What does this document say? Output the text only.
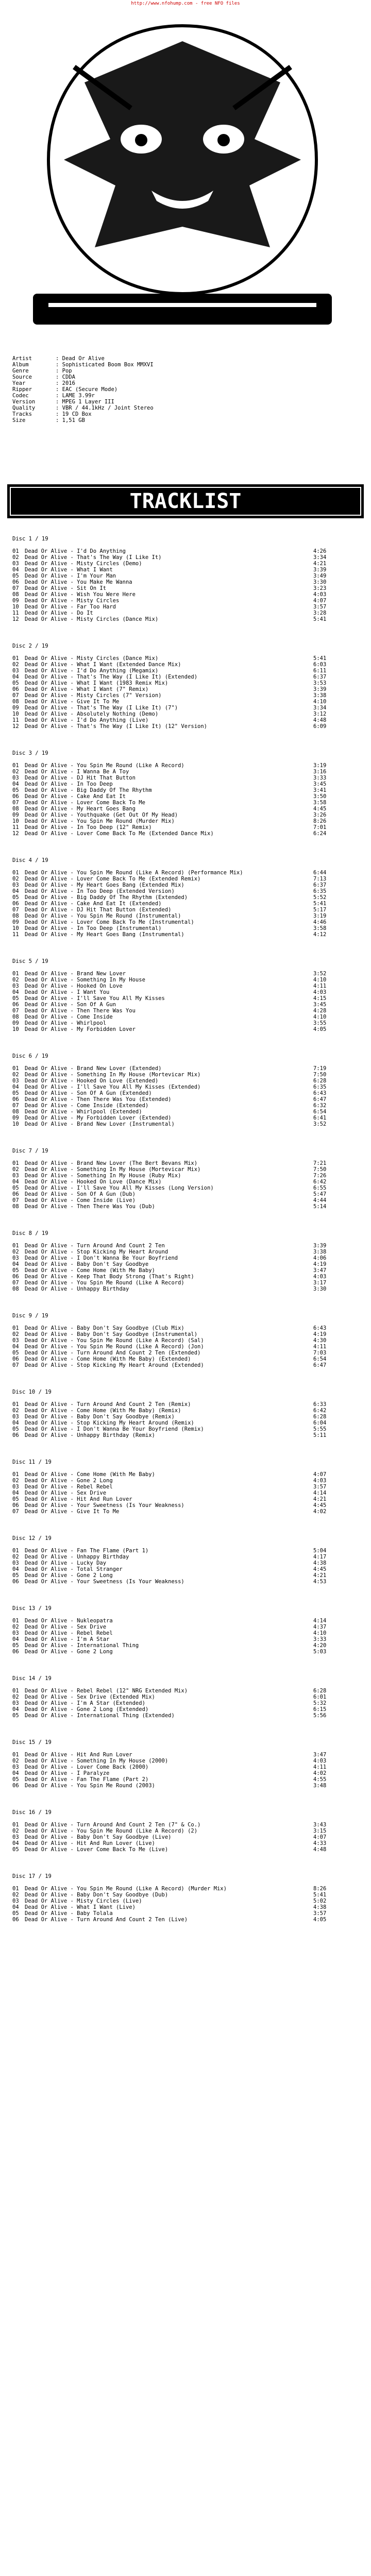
http://www.nfohump.com - free NFO files
Artist	: Dead Or Alive
Album	: Sophisticated Boom Box MMXVI
Genre	: Pop
Source	: CDDA
Year	: 2016
Ripper	: EAC (Secure Mode)
Codec	: LAME 3.99r
Version	: MPEG 1 Layer III
Quality	: VBR / 44.1kHz / Joint Stereo
Tracks	: 19 CD Box
Size	: 1,51 GB
TRACKLIST
Disc 1 / 19
01	Dead Or Alive - I'd Do Anything	4:26
02	Dead Or Alive - That's The Way (I Like It)	3:34
03	Dead Or Alive - Misty Circles (Demo)	4:21
04	Dead Or Alive - What I Want	3:39
05	Dead Or Alive - I'm Your Man	3:49
06	Dead Or Alive - You Make Me Wanna	3:30
07	Dead Or Alive - Sit On It	3:23
08	Dead Or Alive - Wish You Were Here	4:03
09	Dead Or Alive - Misty Circles	4:07
10	Dead Or Alive - Far Too Hard	3:57
11	Dead Or Alive - Do It	3:28
12	Dead Or Alive - Misty Circles (Dance Mix)	5:41
Disc 2 / 19
01	Dead Or Alive - Misty Circles (Dance Mix)	5:41
02	Dead Or Alive - What I Want (Extended Dance Mix)	6:03
03	Dead Or Alive - I'd Do Anything (Megamix)	6:11
04	Dead Or Alive - That's The Way (I Like It) (Extended)	6:37
05	Dead Or Alive - What I Want (1983 Remix Mix)	3:53
06	Dead Or Alive - What I Want (7" Remix)	3:39
07	Dead Or Alive - Misty Circles (7" Version)	3:38
08	Dead Or Alive - Give It To Me	4:10
09	Dead Or Alive - That's The Way (I Like It) (7")	3:34
10	Dead Or Alive - Absolutely Nothing (Demo)	3:12
11	Dead Or Alive - I'd Do Anything (Live)	4:48
12	Dead Or Alive - That's The Way (I Like It) (12" Version)	6:09
Disc 3 / 19
01	Dead Or Alive - You Spin Me Round (Like A Record)	3:19
02	Dead Or Alive - I Wanna Be A Toy	3:16
03	Dead Or Alive - DJ Hit That Button	3:33
04	Dead Or Alive - In Too Deep	3:45
05	Dead Or Alive - Big Daddy Of The Rhythm	3:41
06	Dead Or Alive - Cake And Eat It	3:50
07	Dead Or Alive - Lover Come Back To Me	3:58
08	Dead Or Alive - My Heart Goes Bang	4:45
09	Dead Or Alive - Youthquake (Get Out Of My Head)	3:26
10	Dead Or Alive - You Spin Me Round (Murder Mix)	8:26
11	Dead Or Alive - In Too Deep (12" Remix)	7:01
12	Dead Or Alive - Lover Come Back To Me (Extended Dance Mix)	6:24
Disc 4 / 19
01	Dead Or Alive - You Spin Me Round (Like A Record) (Performance Mix)	6:44
02	Dead Or Alive - Lover Come Back To Me (Extended Remix)	7:13
03	Dead Or Alive - My Heart Goes Bang (Extended Mix)	6:37
04	Dead Or Alive - In Too Deep (Extended Version)	6:35
05	Dead Or Alive - Big Daddy Of The Rhythm (Extended)	5:52
06	Dead Or Alive - Cake And Eat It (Extended)	5:41
07	Dead Or Alive - DJ Hit That Button (Extended)	5:17
08	Dead Or Alive - You Spin Me Round (Instrumental)	3:19
09	Dead Or Alive - Lover Come Back To Me (Instrumental)	4:46
10	Dead Or Alive - In Too Deep (Instrumental)	3:58
11	Dead Or Alive - My Heart Goes Bang (Instrumental)	4:12
Disc 5 / 19
01	Dead Or Alive - Brand New Lover	3:52
02	Dead Or Alive - Something In My House	4:10
03	Dead Or Alive - Hooked On Love	4:11
04	Dead Or Alive - I Want You	4:03
05	Dead Or Alive - I'll Save You All My Kisses	4:15
06	Dead Or Alive - Son Of A Gun	3:45
07	Dead Or Alive - Then There Was You	4:28
08	Dead Or Alive - Come Inside	4:10
09	Dead Or Alive - Whirlpool	3:55
10	Dead Or Alive - My Forbidden Lover	4:05
Disc 6 / 19
01	Dead Or Alive - Brand New Lover (Extended)	7:19
02	Dead Or Alive - Something In My House (Mortevicar Mix)	7:50
03	Dead Or Alive - Hooked On Love (Extended)	6:28
04	Dead Or Alive - I'll Save You All My Kisses (Extended)	6:35
05	Dead Or Alive - Son Of A Gun (Extended)	6:43
06	Dead Or Alive - Then There Was You (Extended)	6:47
07	Dead Or Alive - Come Inside (Extended)	6:32
08	Dead Or Alive - Whirlpool (Extended)	6:54
09	Dead Or Alive - My Forbidden Lover (Extended)	6:41
10	Dead Or Alive - Brand New Lover (Instrumental)	3:52
Disc 7 / 19
01	Dead Or Alive - Brand New Lover (The Bert Bevans Mix)	7:21
02	Dead Or Alive - Something In My House (Mortevicar Mix)	7:50
03	Dead Or Alive - Something In My House (Ruby Mix)	7:26
04	Dead Or Alive - Hooked On Love (Dance Mix)	6:42
05	Dead Or Alive - I'll Save You All My Kisses (Long Version)	6:55
06	Dead Or Alive - Son Of A Gun (Dub)	5:47
07	Dead Or Alive - Come Inside (Live)	4:44
08	Dead Or Alive - Then There Was You (Dub)	5:14
Disc 8 / 19
01	Dead Or Alive - Turn Around And Count 2 Ten	3:39
02	Dead Or Alive - Stop Kicking My Heart Around	3:38
03	Dead Or Alive - I Don't Wanna Be Your Boyfriend	4:06
04	Dead Or Alive - Baby Don't Say Goodbye	4:19
05	Dead Or Alive - Come Home (With Me Baby)	3:47
06	Dead Or Alive - Keep That Body Strong (That's Right)	4:03
07	Dead Or Alive - You Spin Me Round (Like A Record)	3:17
08	Dead Or Alive - Unhappy Birthday	3:30
Disc 9 / 19
01	Dead Or Alive - Baby Don't Say Goodbye (Club Mix)	6:43
02	Dead Or Alive - Baby Don't Say Goodbye (Instrumental)	4:19
03	Dead Or Alive - You Spin Me Round (Like A Record) (Sal)	4:30
04	Dead Or Alive - You Spin Me Round (Like A Record) (Jon)	4:11
05	Dead Or Alive - Turn Around And Count 2 Ten (Extended)	7:03
06	Dead Or Alive - Come Home (With Me Baby) (Extended)	6:54
07	Dead Or Alive - Stop Kicking My Heart Around (Extended)	6:47
Disc 10 / 19
01	Dead Or Alive - Turn Around And Count 2 Ten (Remix)	6:33
02	Dead Or Alive - Come Home (With Me Baby) (Remix)	6:42
03	Dead Or Alive - Baby Don't Say Goodbye (Remix)	6:28
04	Dead Or Alive - Stop Kicking My Heart Around (Remix)	6:04
05	Dead Or Alive - I Don't Wanna Be Your Boyfriend (Remix)	5:55
06	Dead Or Alive - Unhappy Birthday (Remix)	5:11
Disc 11 / 19
01	Dead Or Alive - Come Home (With Me Baby)	4:07
02	Dead Or Alive - Gone 2 Long	4:03
03	Dead Or Alive - Rebel Rebel	3:57
04	Dead Or Alive - Sex Drive	4:14
05	Dead Or Alive - Hit And Run Lover	4:21
06	Dead Or Alive - Your Sweetness (Is Your Weakness)	4:45
07	Dead Or Alive - Give It To Me	4:02
Disc 12 / 19
01	Dead Or Alive - Fan The Flame (Part 1)	5:04
02	Dead Or Alive - Unhappy Birthday	4:17
03	Dead Or Alive - Lucky Day	4:38
04	Dead Or Alive - Total Stranger	4:45
05	Dead Or Alive - Gone 2 Long	4:21
06	Dead Or Alive - Your Sweetness (Is Your Weakness)	4:53
Disc 13 / 19
01	Dead Or Alive - Nukleopatra	4:14
02	Dead Or Alive - Sex Drive	4:37
03	Dead Or Alive - Rebel Rebel	4:10
04	Dead Or Alive - I'm A Star	3:33
05	Dead Or Alive - International Thing	4:20
06	Dead Or Alive - Gone 2 Long	5:03
Disc 14 / 19
01	Dead Or Alive - Rebel Rebel (12" NRG Extended Mix)	6:28
02	Dead Or Alive - Sex Drive (Extended Mix)	6:01
03	Dead Or Alive - I'm A Star (Extended)	5:32
04	Dead Or Alive - Gone 2 Long (Extended)	6:15
05	Dead Or Alive - International Thing (Extended)	5:56
Disc 15 / 19
01	Dead Or Alive - Hit And Run Lover	3:47
02	Dead Or Alive - Something In My House (2000)	4:03
03	Dead Or Alive - Lover Come Back (2000)	4:11
04	Dead Or Alive - I Paralyze	4:02
05	Dead Or Alive - Fan The Flame (Part 2)	4:55
06	Dead Or Alive - You Spin Me Round (2003)	3:48
Disc 16 / 19
01	Dead Or Alive - Turn Around And Count 2 Ten (7" & Co.)	3:43
02	Dead Or Alive - You Spin Me Round (Like A Record) (2)	3:15
03	Dead Or Alive - Baby Don't Say Goodbye (Live)	4:07
04	Dead Or Alive - Hit And Run Lover (Live)	4:33
05	Dead Or Alive - Lover Come Back To Me (Live)	4:48
Disc 17 / 19
01	Dead Or Alive - You Spin Me Round (Like A Record) (Murder Mix)	8:26
02	Dead Or Alive - Baby Don't Say Goodbye (Dub)	5:41
03	Dead Or Alive - Misty Circles (Live)	5:02
04	Dead Or Alive - What I Want (Live)	4:38
05	Dead Or Alive - Baby Tolala	3:57
06	Dead Or Alive - Turn Around And Count 2 Ten (Live)	4:05
